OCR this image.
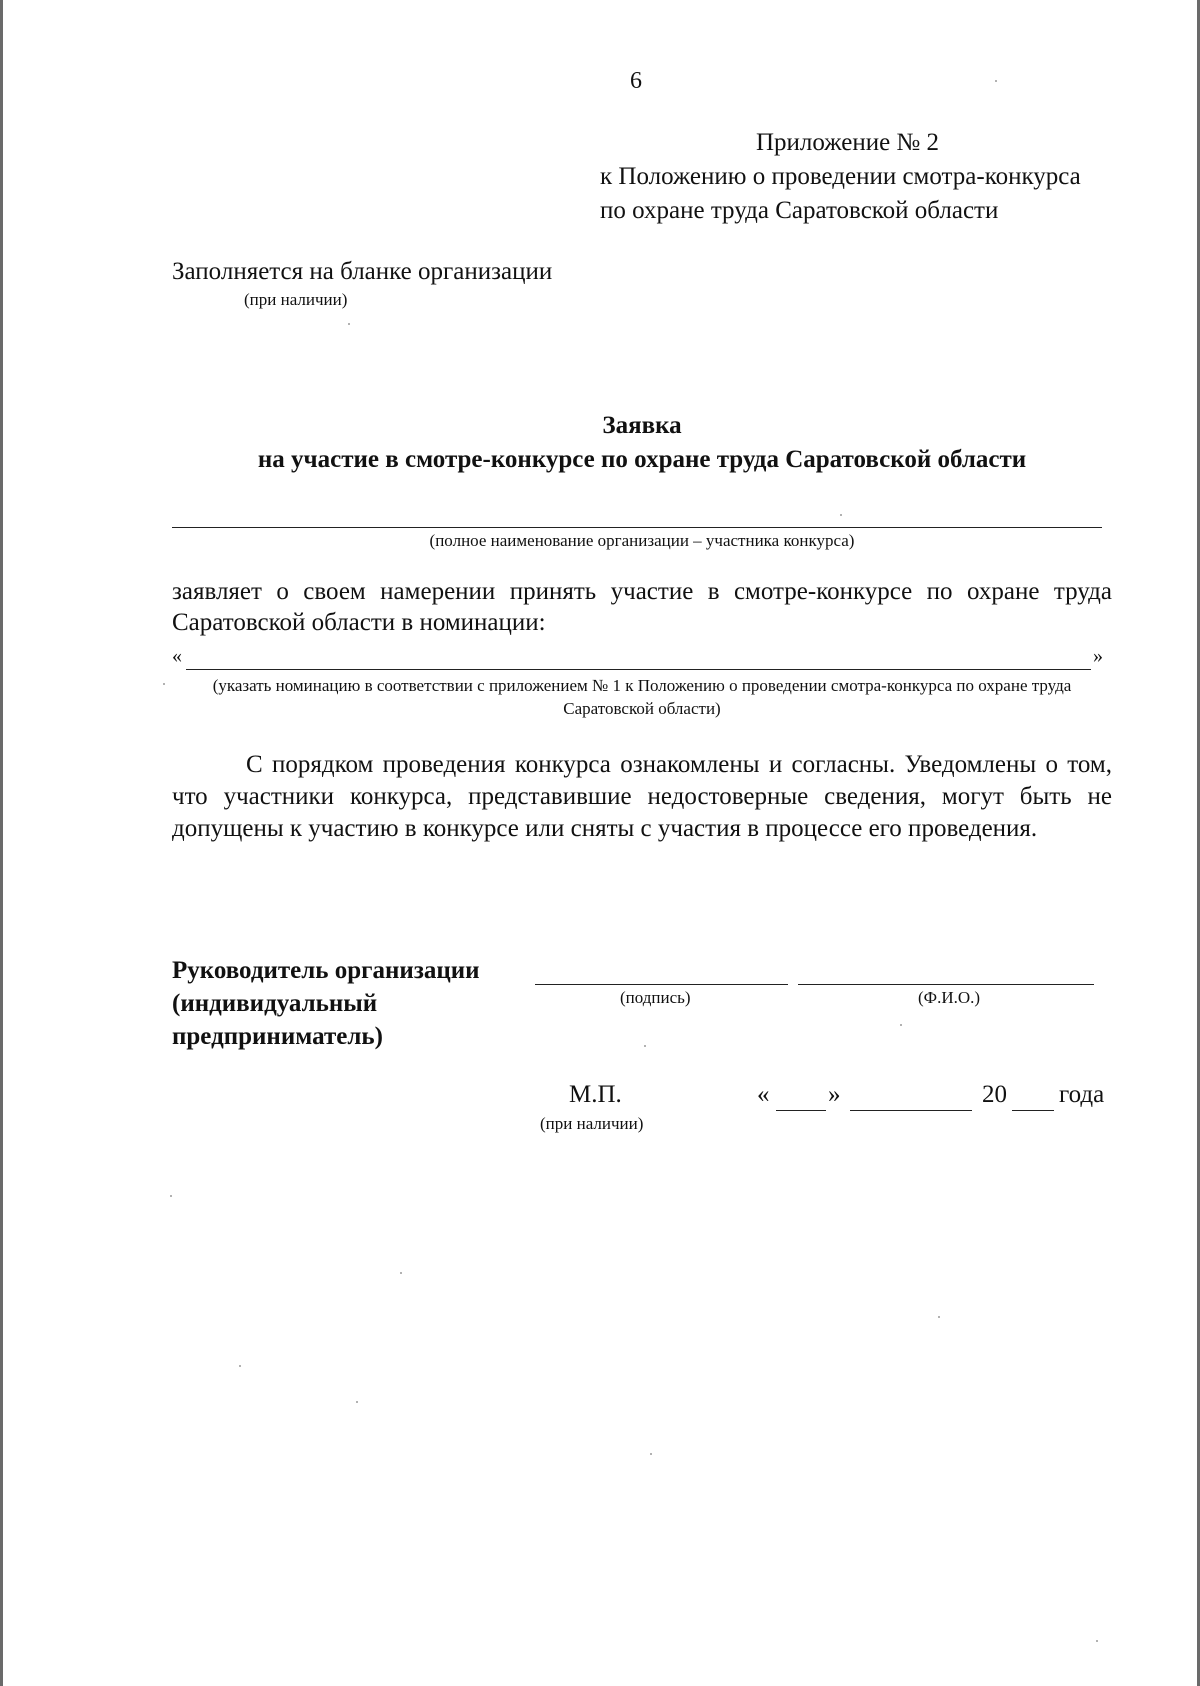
6
Приложение № 2
к Положению о проведении смотра-конкурса
по охране труда Саратовской области
Заполняется на бланке организации
(при наличии)
Заявка
на участие в смотре-конкурсе по охране труда Саратовской области
(полное наименование организации – участника конкурса)
заявляет о своем намерении принять участие в смотре-конкурсе по охране труда Саратовской области в номинации:
«	»
(указать номинацию в соответствии с приложением № 1 к Положению о проведении смотра-конкурса по охране труда Саратовской области)
С порядком проведения конкурса ознакомлены и согласны. Уведомлены о том, что участники конкурса, представившие недостоверные сведения, могут быть не допущены к участию в конкурсе или сняты с участия в процессе его проведения.
Руководитель организации (индивидуальный предприниматель)
(подпись)	(Ф.И.О.)
М.П.
(при наличии)
« »	20 года
